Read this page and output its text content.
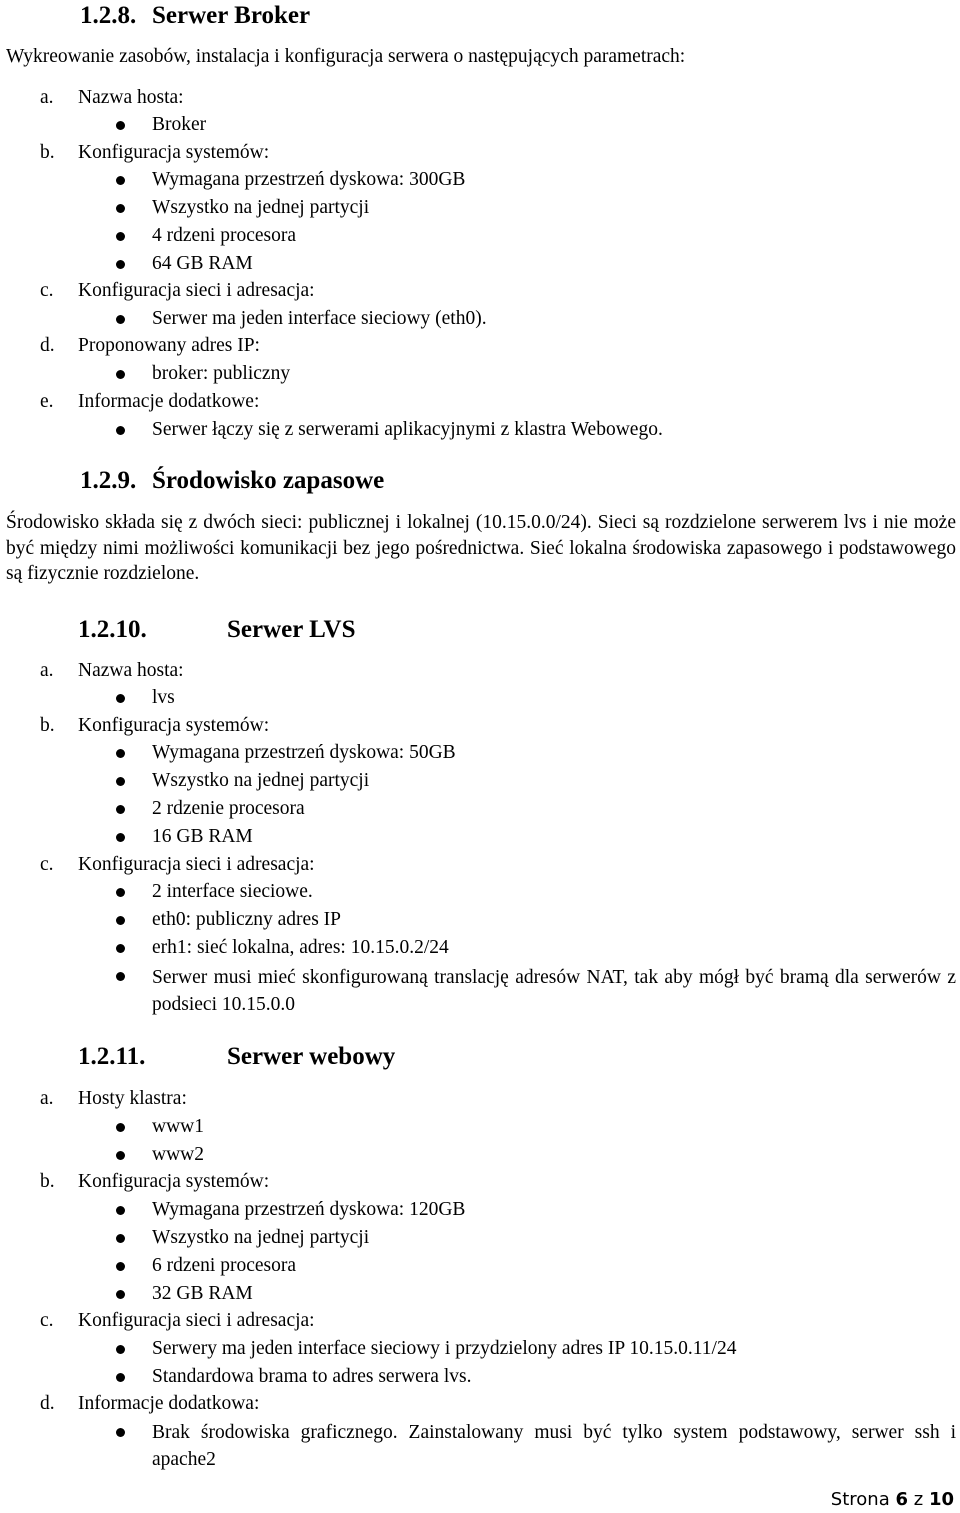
1.2.8. Serwer Broker
Wykreowanie zasobów, instalacja i konfiguracja serwera o następujących parametrach:
a. Nazwa hosta:
Broker
b. Konfiguracja systemów:
Wymagana przestrzeń dyskowa: 300GB
Wszystko na jednej partycji
4 rdzeni procesora
64 GB RAM
c. Konfiguracja sieci i adresacja:
Serwer ma jeden interface sieciowy (eth0).
d. Proponowany adres IP:
broker: publiczny
e. Informacje dodatkowe:
Serwer łączy się z serwerami aplikacyjnymi z klastra Webowego.
1.2.9. Środowisko zapasowe
Środowisko składa się z dwóch sieci: publicznej i lokalnej (10.15.0.0/24). Sieci są rozdzielone serwerem lvs i nie może być między nimi możliwości komunikacji bez jego pośrednictwa. Sieć lokalna środowiska zapasowego i podstawowego są fizycznie rozdzielone.
1.2.10.	Serwer LVS
a. Nazwa hosta:
lvs
b. Konfiguracja systemów:
Wymagana przestrzeń dyskowa: 50GB
Wszystko na jednej partycji
2 rdzenie procesora
16 GB RAM
c. Konfiguracja sieci i adresacja:
2 interface sieciowe.
eth0: publiczny adres IP
erh1: sieć lokalna, adres: 10.15.0.2/24
Serwer musi mieć skonfigurowaną translację adresów NAT, tak aby mógł być bramą dla serwerów z podsieci 10.15.0.0
1.2.11.	Serwer webowy
a. Hosty klastra:
www1
www2
b. Konfiguracja systemów:
Wymagana przestrzeń dyskowa: 120GB
Wszystko na jednej partycji
6 rdzeni procesora
32 GB RAM
c. Konfiguracja sieci i adresacja:
Serwery ma jeden interface sieciowy i przydzielony adres IP 10.15.0.11/24
Standardowa brama to adres serwera lvs.
d. Informacje dodatkowa:
Brak środowiska graficznego. Zainstalowany musi być tylko system podstawowy, serwer ssh i apache2
Strona 6 z 10
